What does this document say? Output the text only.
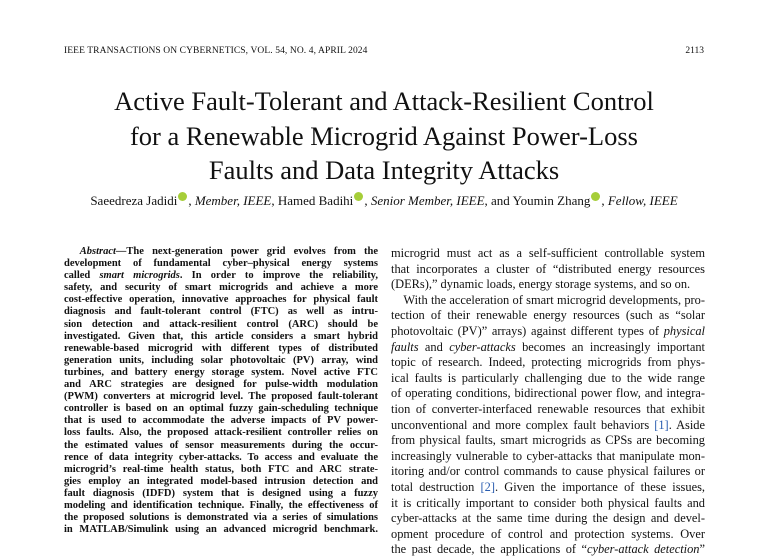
IEEE TRANSACTIONS ON CYBERNETICS, VOL. 54, NO. 4, APRIL 2024	2113
Active Fault-Tolerant and Attack-Resilient Control
for a Renewable Microgrid Against Power-Loss
Faults and Data Integrity Attacks
Saeedreza Jadidi , Member, IEEE, Hamed Badihi , Senior Member, IEEE, and Youmin Zhang , Fellow, IEEE
  Abstract—The next-generation power grid evolves from the
development of fundamental cyber–physical energy systems
called smart microgrids. In order to improve the reliability,
safety, and security of smart microgrids and achieve a more
cost-effective operation, innovative approaches for physical fault
diagnosis and fault-tolerant control (FTC) as well as intru-
sion detection and attack-resilient control (ARC) should be
investigated. Given that, this article considers a smart hybrid
renewable-based microgrid with different types of distributed
generation units, including solar photovoltaic (PV) array, wind
turbines, and battery energy storage system. Novel active FTC
and ARC strategies are designed for pulse-width modulation
(PWM) converters at microgrid level. The proposed fault-tolerant
controller is based on an optimal fuzzy gain-scheduling technique
that is used to accommodate the adverse impacts of PV power-
loss faults. Also, the proposed attack-resilient controller relies on
the estimated values of sensor measurements during the occur-
rence of data integrity cyber-attacks. To access and evaluate the
microgrid’s real-time health status, both FTC and ARC strate-
gies employ an integrated model-based intrusion detection and
fault diagnosis (IDFD) system that is designed using a fuzzy
modeling and identification technique. Finally, the effectiveness of
the proposed solutions is demonstrated via a series of simulations
in MATLAB/Simulink using an advanced microgrid benchmark.
microgrid must act as a self-sufficient controllable system
that incorporates a cluster of “distributed energy resources
(DERs),” dynamic loads, energy storage systems, and so on.
 With the acceleration of smart microgrid developments, pro-
tection of their renewable energy resources (such as “solar
photovoltaic (PV)” arrays) against different types of physical
faults and cyber-attacks becomes an increasingly important
topic of research. Indeed, protecting microgrids from phys-
ical faults is particularly challenging due to the wide range
of operating conditions, bidirectional power flow, and integra-
tion of converter-interfaced renewable resources that exhibit
unconventional and more complex fault behaviors [1]. Aside
from physical faults, smart microgrids as CPSs are becoming
increasingly vulnerable to cyber-attacks that manipulate mon-
itoring and/or control commands to cause physical failures or
total destruction [2]. Given the importance of these issues,
it is critically important to consider both physical faults and
cyber-attacks at the same time during the design and devel-
opment procedure of control and protection systems. Over
the past decade, the applications of “cyber-attack detection”
